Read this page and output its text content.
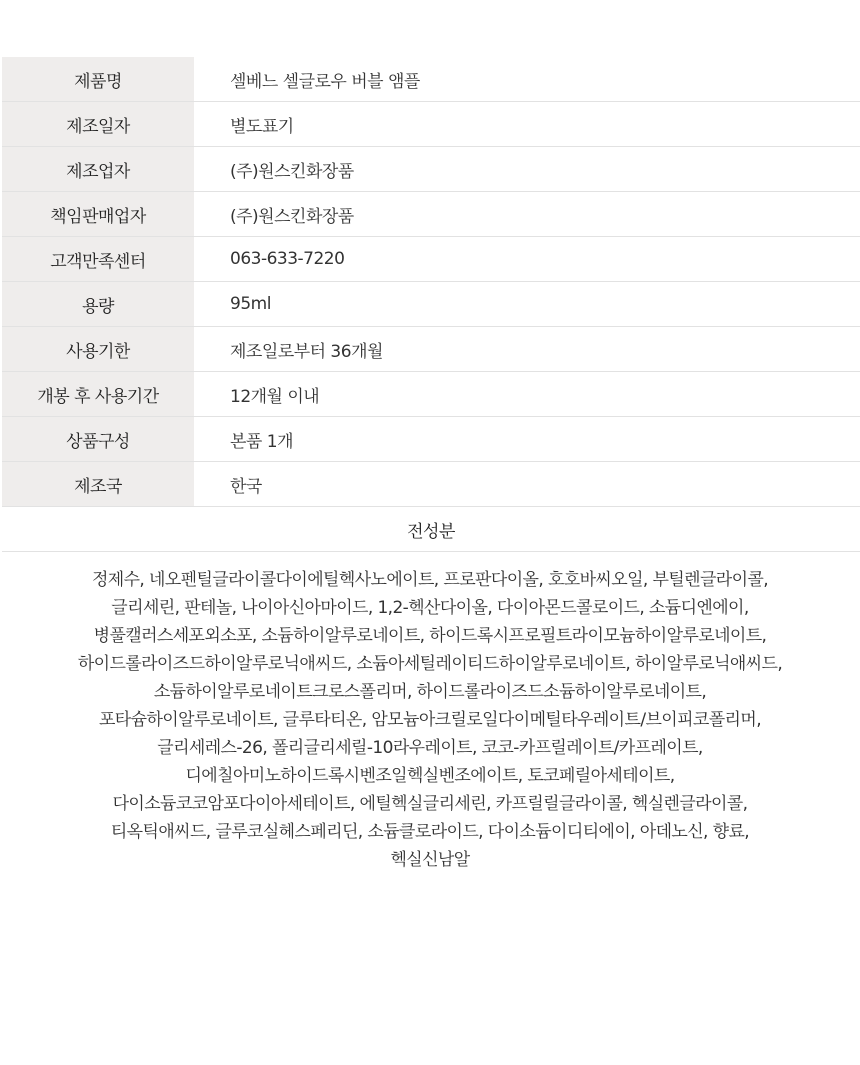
제품명	셀베느 셀글로우 버블 앰플
제조일자	별도표기
제조업자	(주)원스킨화장품
책임판매업자	(주)원스킨화장품
고객만족센터	063-633-7220
용량	95ml
사용기한	제조일로부터 36개월
개봉 후 사용기간	12개월 이내
상품구성	본품 1개
제조국	한국
전성분
정제수, 네오펜틸글라이콜다이에틸헥사노에이트, 프로판다이올, 호호바씨오일, 부틸렌글라이콜,
글리세린, 판테놀, 나이아신아마이드, 1,2-헥산다이올, 다이아몬드콜로이드, 소듐디엔에이,
병풀캘러스세포외소포, 소듐하이알루로네이트, 하이드록시프로필트라이모늄하이알루로네이트,
하이드롤라이즈드하이알루로닉애씨드, 소듐아세틸레이티드하이알루로네이트, 하이알루로닉애씨드,
소듐하이알루로네이트크로스폴리머, 하이드롤라이즈드소듐하이알루로네이트,
포타슘하이알루로네이트, 글루타티온, 암모늄아크릴로일다이메틸타우레이트/브이피코폴리머,
글리세레스-26, 폴리글리세릴-10라우레이트, 코코-카프릴레이트/카프레이트,
디에칠아미노하이드록시벤조일헥실벤조에이트, 토코페릴아세테이트,
다이소듐코코암포다이아세테이트, 에틸헥실글리세린, 카프릴릴글라이콜, 헥실렌글라이콜,
티옥틱애씨드, 글루코실헤스페리딘, 소듐클로라이드, 다이소듐이디티에이, 아데노신, 향료,
헥실신남알
